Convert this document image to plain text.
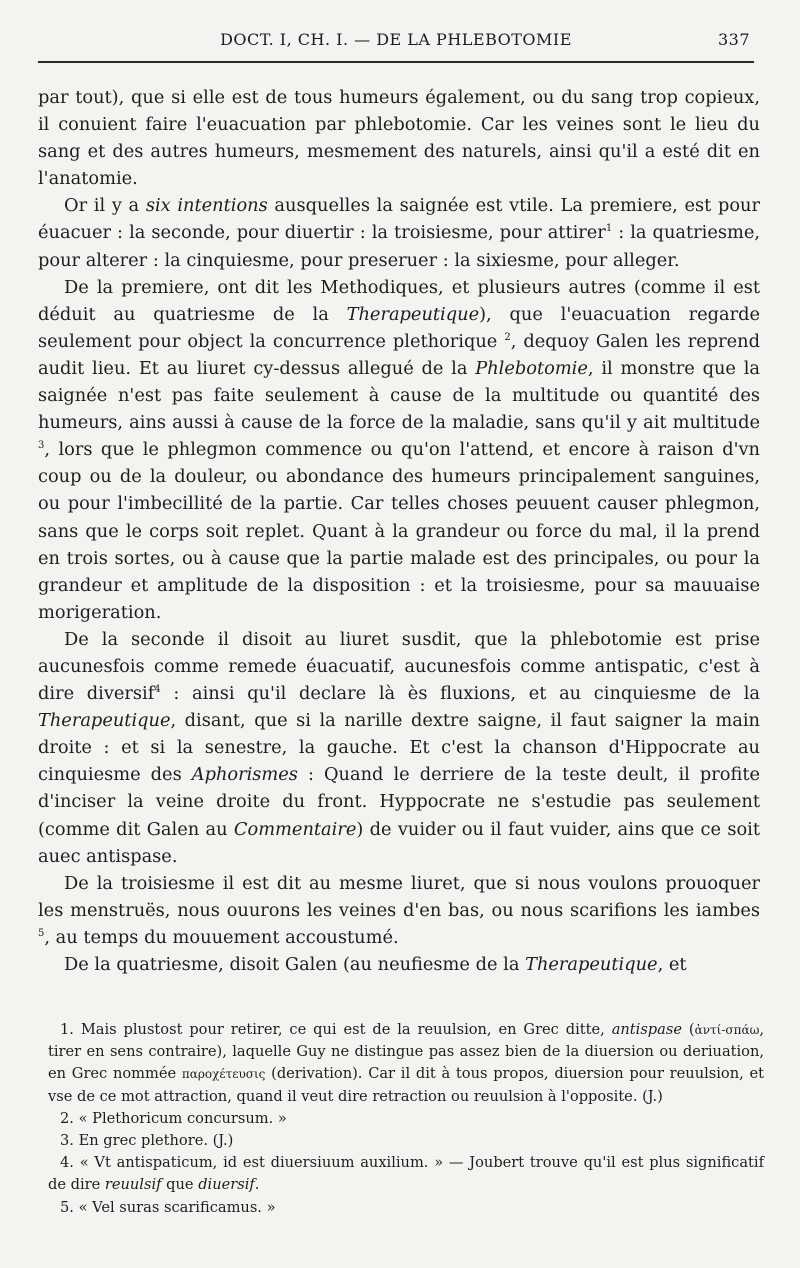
DOCT. I, CH. I. — DE LA PHLEBOTOMIE	337

par tout), que si elle est de tous humeurs également, ou du sang trop copieux, il conuient faire l'euacuation par phlebotomie. Car les veines sont le lieu du sang et des autres humeurs, mesmement des naturels, ainsi qu'il a esté dit en l'anatomie.

Or il y a six intentions ausquelles la saignée est vtile. La premiere, est pour éuacuer : la seconde, pour diuertir : la troisiesme, pour attirer$^1$ : la quatriesme, pour alterer : la cinquiesme, pour preseruer : la sixiesme, pour alleger.

De la premiere, ont dit les Methodiques, et plusieurs autres (comme il est déduit au quatriesme de la Therapeutique), que l'euacuation regarde seulement pour object la concurrence plethorique $^2$, dequoy Galen les reprend audit lieu. Et au liuret cy-dessus allegué de la Phlebotomie, il monstre que la saignée n'est pas faite seulement à cause de la multitude ou quantité des humeurs, ains aussi à cause de la force de la maladie, sans qu'il y ait multitude $^3$, lors que le phlegmon commence ou qu'on l'attend, et encore à raison d'vn coup ou de la douleur, ou abondance des humeurs principalement sanguines, ou pour l'imbecillité de la partie. Car telles choses peuuent causer phlegmon, sans que le corps soit replet. Quant à la grandeur ou force du mal, il la prend en trois sortes, ou à cause que la partie malade est des principales, ou pour la grandeur et amplitude de la disposition : et la troisiesme, pour sa mauuaise morigeration.

De la seconde il disoit au liuret susdit, que la phlebotomie est prise aucunesfois comme remede éuacuatif, aucunesfois comme antispatic, c'est à dire diversif$^4$ : ainsi qu'il declare là ès fluxions, et au cinquiesme de la Therapeutique, disant, que si la narille dextre saigne, il faut saigner la main droite : et si la senestre, la gauche. Et c'est la chanson d'Hippocrate au cinquiesme des Aphorismes : Quand le derriere de la teste deult, il profite d'inciser la veine droite du front. Hyppocrate ne s'estudie pas seulement (comme dit Galen au Commentaire) de vuider ou il faut vuider, ains que ce soit auec antispase.

De la troisiesme il est dit au mesme liuret, que si nous voulons prouoquer les menstruës, nous ouurons les veines d'en bas, ou nous scarifions les iambes $^5$, au temps du mouuement accoustumé.

De la quatriesme, disoit Galen (au neufiesme de la Therapeutique, et

1. Mais plustost pour retirer, ce qui est de la reuulsion, en Grec ditte, antispase (ἀντί-σπάω, tirer en sens contraire), laquelle Guy ne distingue pas assez bien de la diuersion ou deriuation, en Grec nommée παροχέτευσις (derivation). Car il dit à tous propos, diuersion pour reuulsion, et vse de ce mot attraction, quand il veut dire retraction ou reuulsion à l'opposite. (J.)

2. « Plethoricum concursum. »

3. En grec plethore. (J.)

4. « Vt antispaticum, id est diuersiuum auxilium. » — Joubert trouve qu'il est plus significatif de dire reuulsif que diuersif.

5. « Vel suras scarificamus. »
